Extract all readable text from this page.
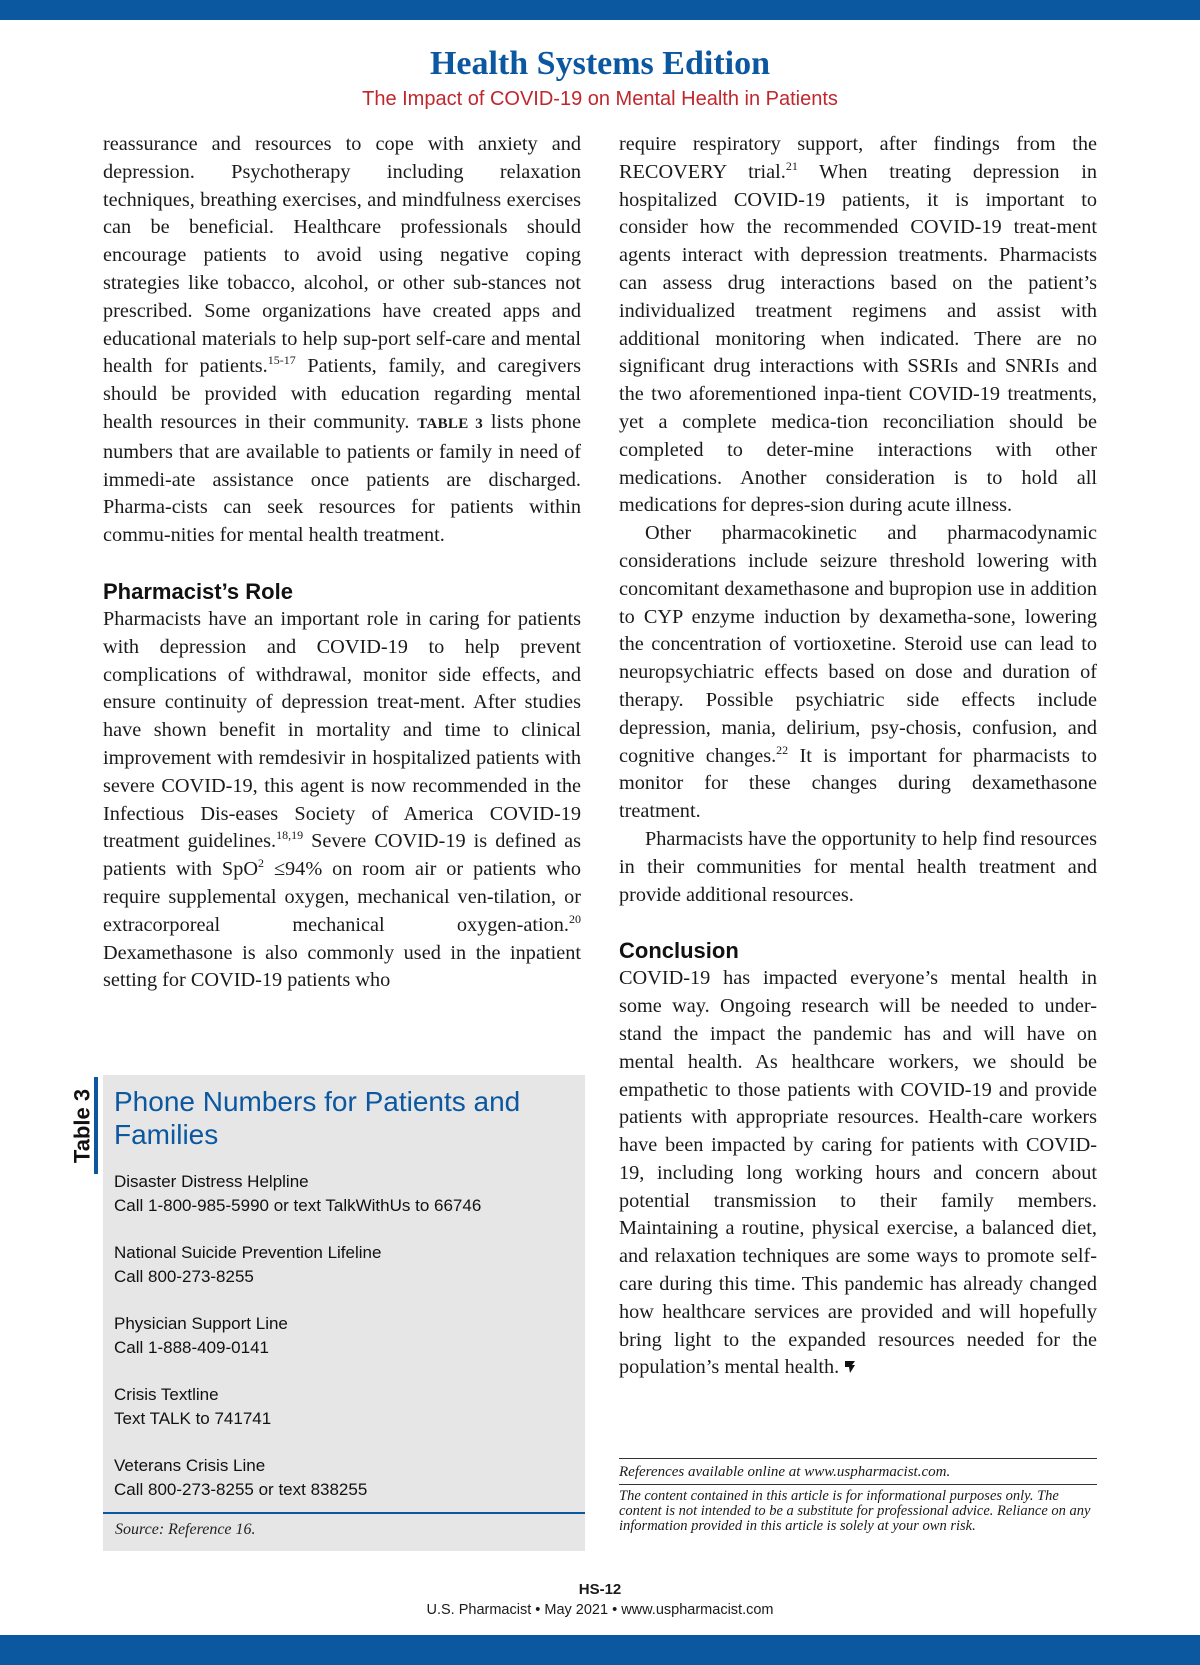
Health Systems Edition
The Impact of COVID-19 on Mental Health in Patients

reassurance and resources to cope with anxiety and depression. Psychotherapy including relaxation techniques, breathing exercises, and mindfulness exercises can be beneficial. Healthcare professionals should encourage patients to avoid using negative coping strategies like tobacco, alcohol, or other sub-stances not prescribed. Some organizations have created apps and educational materials to help sup-port self-care and mental health for patients.$^{15-17}$ Patients, family, and caregivers should be provided with education regarding mental health resources in their community. TABLE 3 lists phone numbers that are available to patients or family in need of immedi-ate assistance once patients are discharged. Pharma-cists can seek resources for patients within commu-nities for mental health treatment.

Pharmacist’s Role

Pharmacists have an important role in caring for patients with depression and COVID-19 to help prevent complications of withdrawal, monitor side effects, and ensure continuity of depression treat-ment. After studies have shown benefit in mortality and time to clinical improvement with remdesivir in hospitalized patients with severe COVID-19, this agent is now recommended in the Infectious Dis-eases Society of America COVID-19 treatment guidelines.$^{18,19}$ Severe COVID-19 is defined as patients with SpO$^2$ ≤94% on room air or patients who require supplemental oxygen, mechanical ven-tilation, or extracorporeal mechanical oxygen-ation.$^{20}$ Dexamethasone is also commonly used in the inpatient setting for COVID-19 patients who

Table 3 Phone Numbers for Patients and Families
Disaster Distress Helpline
Call 1-800-985-5990 or text TalkWithUs to 66746
National Suicide Prevention Lifeline
Call 800-273-8255
Physician Support Line
Call 1-888-409-0141
Crisis Textline
Text TALK to 741741
Veterans Crisis Line
Call 800-273-8255 or text 838255
Source: Reference 16.

require respiratory support, after findings from the RECOVERY trial.$^{21}$ When treating depression in hospitalized COVID-19 patients, it is important to consider how the recommended COVID-19 treat-ment agents interact with depression treatments. Pharmacists can assess drug interactions based on the patient’s individualized treatment regimens and assist with additional monitoring when indicated. There are no significant drug interactions with SSRIs and SNRIs and the two aforementioned inpa-tient COVID-19 treatments, yet a complete medica-tion reconciliation should be completed to deter-mine interactions with other medications. Another consideration is to hold all medications for depres-sion during acute illness.

Other pharmacokinetic and pharmacodynamic considerations include seizure threshold lowering with concomitant dexamethasone and bupropion use in addition to CYP enzyme induction by dexametha-sone, lowering the concentration of vortioxetine. Steroid use can lead to neuropsychiatric effects based on dose and duration of therapy. Possible psychiatric side effects include depression, mania, delirium, psy-chosis, confusion, and cognitive changes.$^{22}$ It is important for pharmacists to monitor for these changes during dexamethasone treatment.

Pharmacists have the opportunity to help find resources in their communities for mental health treatment and provide additional resources.

Conclusion

COVID-19 has impacted everyone’s mental health in some way. Ongoing research will be needed to under-stand the impact the pandemic has and will have on mental health. As healthcare workers, we should be empathetic to those patients with COVID-19 and provide patients with appropriate resources. Health-care workers have been impacted by caring for patients with COVID-19, including long working hours and concern about potential transmission to their family members. Maintaining a routine, physical exercise, a balanced diet, and relaxation techniques are some ways to promote self-care during this time. This pandemic has already changed how healthcare services are provided and will hopefully bring light to the expanded resources needed for the population’s mental health.

References available online at www.uspharmacist.com.
The content contained in this article is for informational purposes only. The content is not intended to be a substitute for professional advice. Reliance on any information provided in this article is solely at your own risk.
HS-12
U.S. Pharmacist • May 2021 • www.uspharmacist.com
